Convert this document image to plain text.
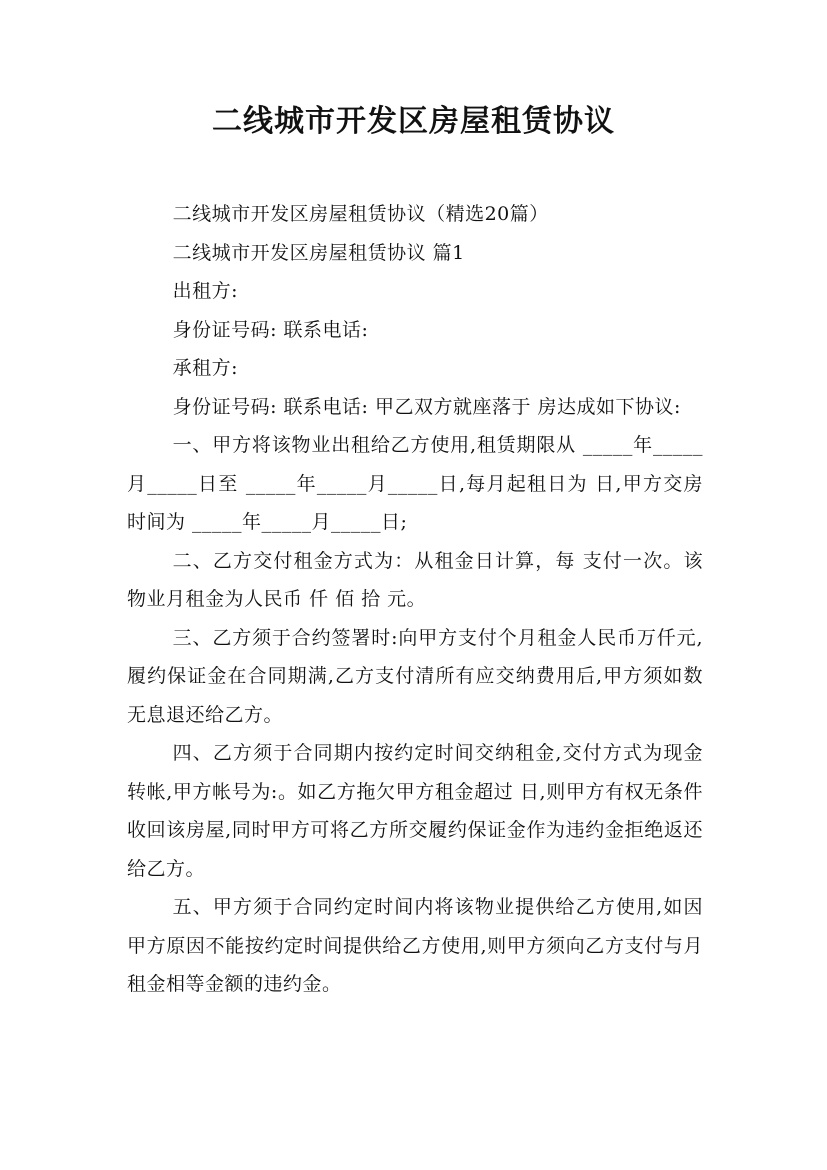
二线城市开发区房屋租赁协议

二线城市开发区房屋租赁协议（精选20篇）

二线城市开发区房屋租赁协议 篇1

出租方:

身份证号码: 联系电话:

承租方:

身份证号码: 联系电话: 甲乙双方就座落于 房达成如下协议:

一、甲方将该物业出租给乙方使用,租赁期限从 _____年_____月_____日至 _____年_____月_____日,每月起租日为 日,甲方交房时间为 _____年_____月_____日;

二、乙方交付租金方式为：从租金日计算，每 支付一次。该物业月租金为人民币 仟 佰 拾 元。

三、乙方须于合约签署时:向甲方支付个月租金人民币万仟元,履约保证金在合同期满,乙方支付清所有应交纳费用后,甲方须如数无息退还给乙方。

四、乙方须于合同期内按约定时间交纳租金,交付方式为现金 转帐,甲方帐号为:。如乙方拖欠甲方租金超过 日,则甲方有权无条件收回该房屋,同时甲方可将乙方所交履约保证金作为违约金拒绝返还给乙方。

五、甲方须于合同约定时间内将该物业提供给乙方使用,如因甲方原因不能按约定时间提供给乙方使用,则甲方须向乙方支付与月租金相等金额的违约金。
